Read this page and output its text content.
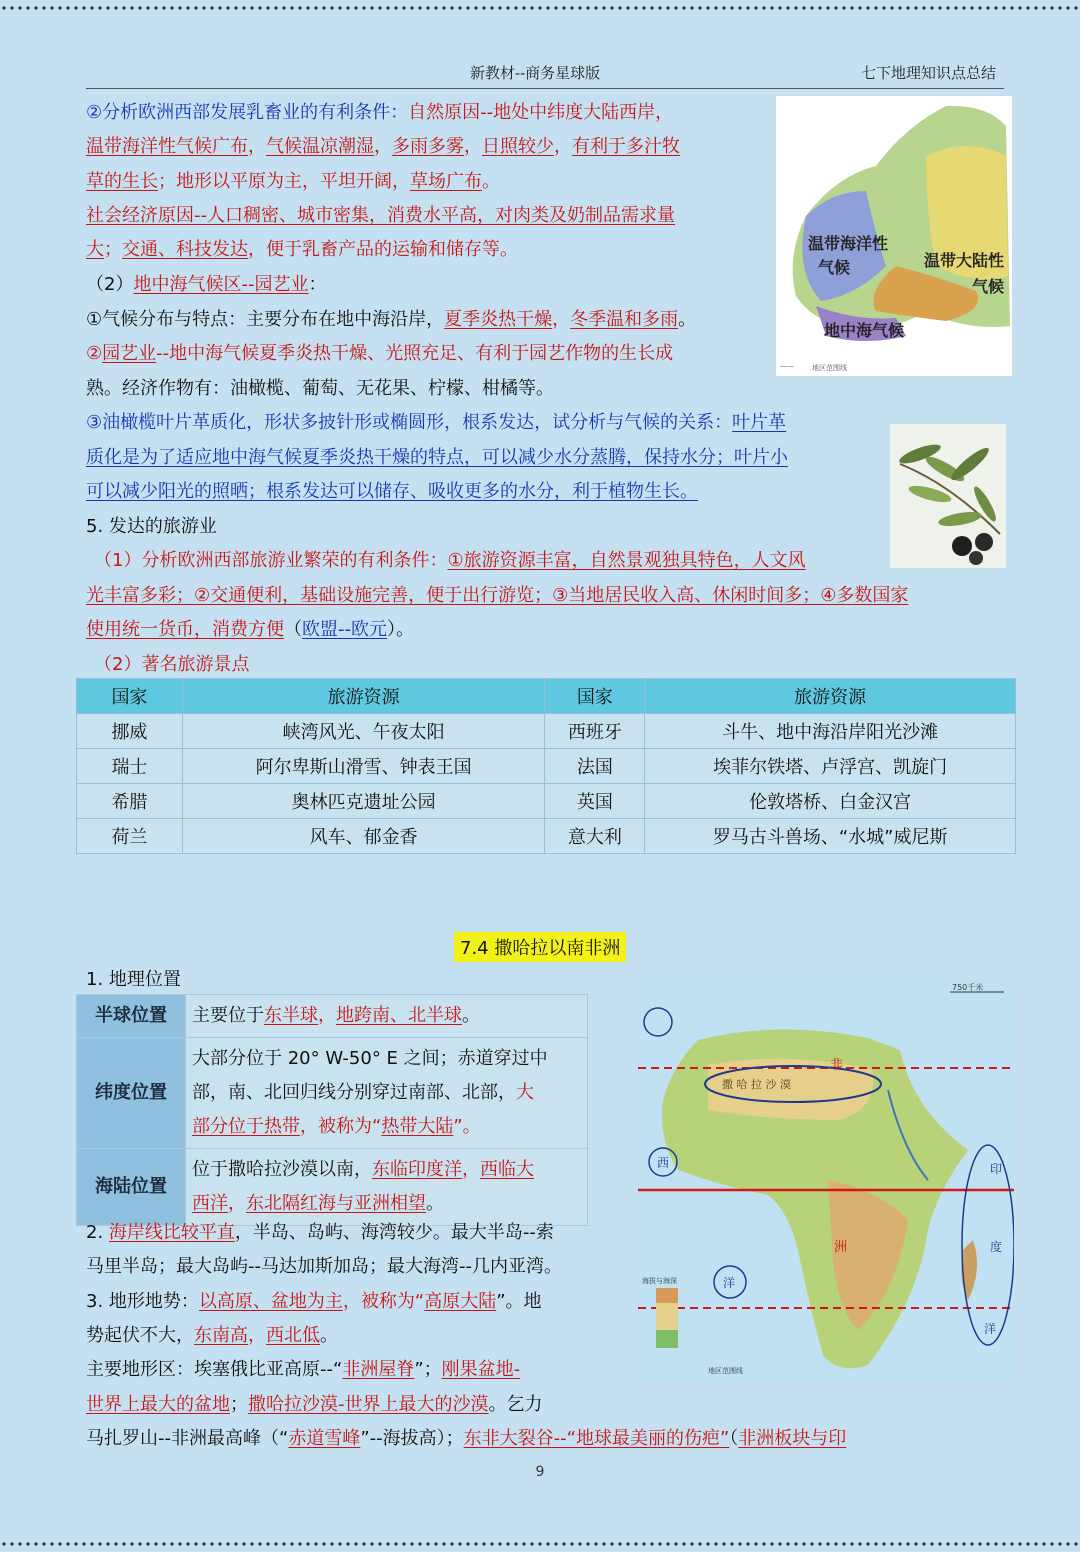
新教材--商务星球版	七下地理知识点总结
②分析欧洲西部发展乳畜业的有利条件：自然原因--地处中纬度大陆西岸，
温带海洋性气候广布，气候温凉潮湿，多雨多雾，日照较少，有利于多汁牧
草的生长；地形以平原为主，平坦开阔，草场广布。
社会经济原因--人口稠密、城市密集，消费水平高，对肉类及奶制品需求量
大；交通、科技发达，便于乳畜产品的运输和储存等。
（2）地中海气候区--园艺业：
①气候分布与特点：主要分布在地中海沿岸，夏季炎热干燥，冬季温和多雨。
②园艺业--地中海气候夏季炎热干燥、光照充足、有利于园艺作物的生长成
熟。经济作物有：油橄榄、葡萄、无花果、柠檬、柑橘等。
③油橄榄叶片革质化，形状多披针形或椭圆形，根系发达，试分析与气候的关系：叶片革
质化是为了适应地中海气候夏季炎热干燥的特点，可以减少水分蒸腾，保持水分；叶片小
可以减少阳光的照晒；根系发达可以储存、吸收更多的水分，利于植物生长。
5. 发达的旅游业
（1）分析欧洲西部旅游业繁荣的有利条件：①旅游资源丰富，自然景观独具特色，人文风
光丰富多彩；②交通便利，基础设施完善，便于出行游览；③当地居民收入高、休闲时间多；④多数国家
使用统一货币，消费方便（欧盟--欧元）。
（2）著名旅游景点
——	地区范围线
温带海洋性
气候	温带大陆性
气候
地中海气候
国家	旅游资源	国家	旅游资源
挪威	峡湾风光、午夜太阳	西班牙	斗牛、地中海沿岸阳光沙滩
瑞士	阿尔卑斯山滑雪、钟表王国	法国	埃菲尔铁塔、卢浮宫、凯旋门
希腊	奥林匹克遗址公园	英国	伦敦塔桥、白金汉宫
荷兰	风车、郁金香	意大利	罗马古斗兽场、“水城”威尼斯
7.4 撒哈拉以南非洲
1. 地理位置
半球位置	主要位于东半球，地跨南、北半球。
纬度位置	大部分位于 20° W-50° E 之间；赤道穿过中
部，南、北回归线分别穿过南部、北部，大
部分位于热带，被称为“热带大陆”。

海陆位置	位于撒哈拉沙漠以南，东临印度洋，西临大
西洋，东北隔红海与亚洲相望。
2. 海岸线比较平直，半岛、岛屿、海湾较少。最大半岛--索
马里半岛；最大岛屿--马达加斯加岛；最大海湾--几内亚湾。
3. 地形地势：以高原、盆地为主，被称为“高原大陆”。地
势起伏不大，东南高，西北低。
主要地形区：埃塞俄比亚高原--“非洲屋脊”；刚果盆地-
世界上最大的盆地；撒哈拉沙漠-世界上最大的沙漠。乞力
马扎罗山--非洲最高峰（“赤道雪峰”--海拔高）；东非大裂谷--“地球最美丽的伤疤”（非洲板块与印
750千米
非
洲
撒 哈 拉 沙 漠
西
洋
印
度
洋
海拔与海深
地区范围线
9
